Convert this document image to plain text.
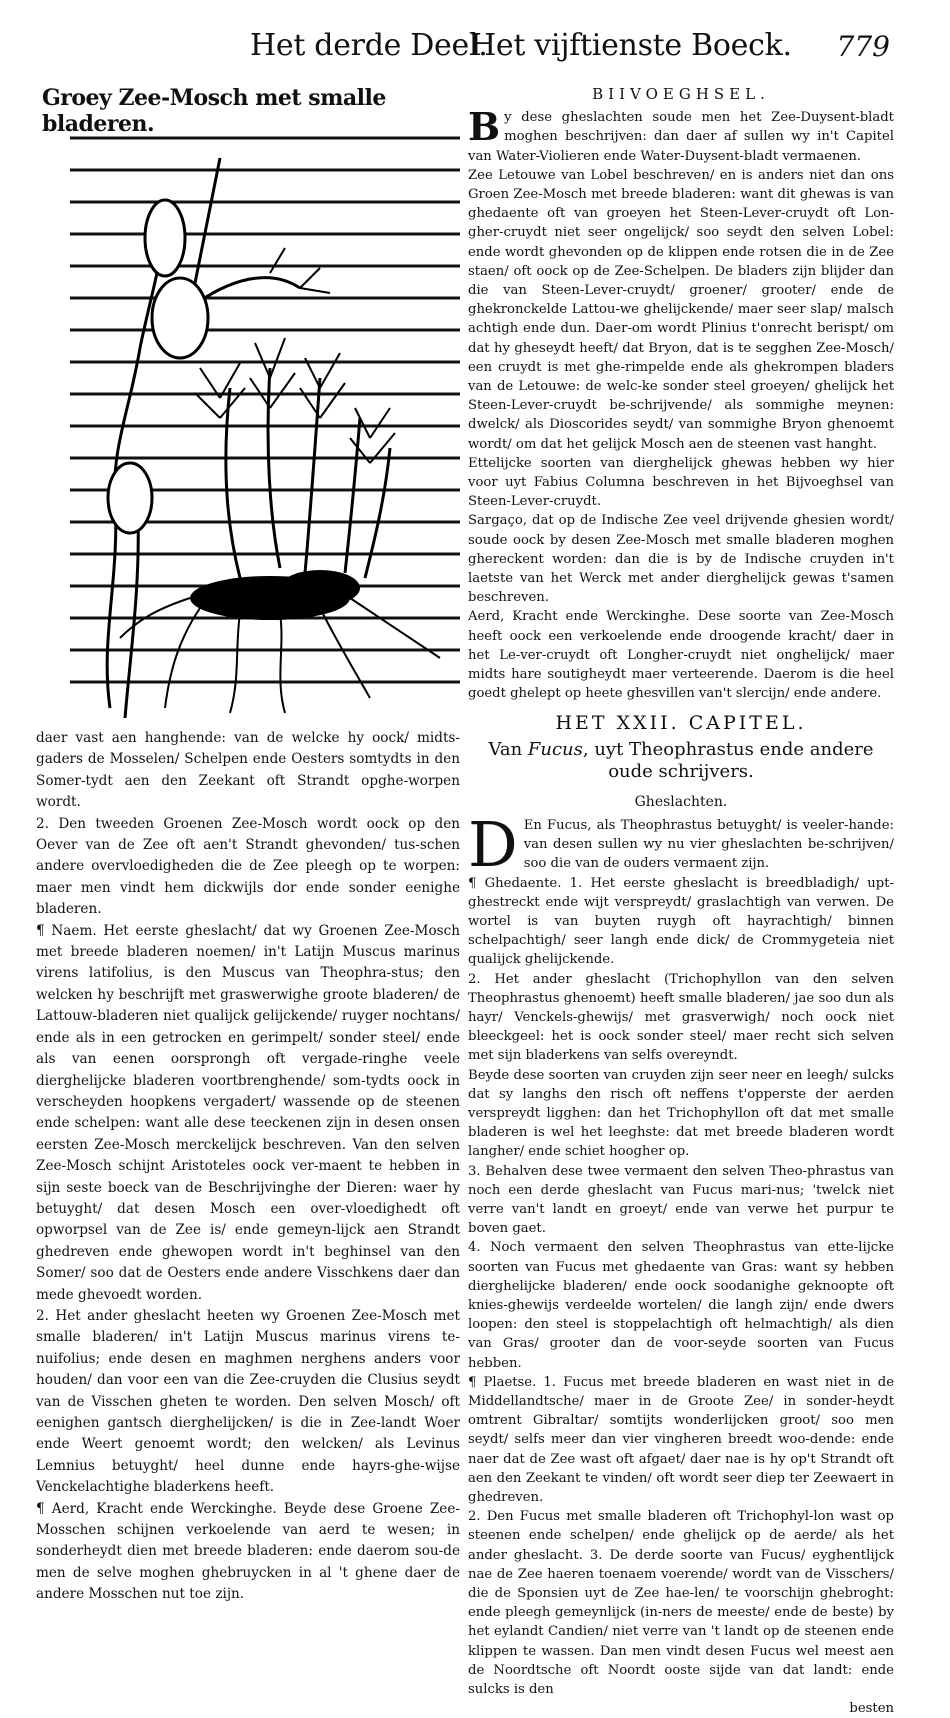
Het derde Deel.
Het vijftienste Boeck. 779
Groey Zee-Mosch met smalle bladeren.

daer vast aen hanghende: van de welcke hy oock/ midts-gaders de Mosselen/ Schelpen ende Oesters somtydts in den Somer-tydt aen den Zeekant oft Strandt opghe-worpen wordt.

2. Den tweeden Groenen Zee-Mosch wordt oock op den Oever van de Zee oft aen't Strandt ghevonden/ tus-schen andere overvloedigheden die de Zee pleegh op te worpen: maer men vindt hem dickwijls dor ende sonder eenighe bladeren.

¶ Naem. Het eerste gheslacht/ dat wy Groenen Zee-Mosch met breede bladeren noemen/ in't Latijn Muscus marinus virens latifolius, is den Muscus van Theophra-stus; den welcken hy beschrijft met graswerwighe groote bladeren/ de Lattouw-bladeren niet qualijck gelijckende/ ruyger nochtans/ ende als in een getrocken en gerimpelt/ sonder steel/ ende als van eenen oorsprongh oft vergade-ringhe veele dierghelijcke bladeren voortbrenghende/ som-tydts oock in verscheyden hoopkens vergadert/ wassende op de steenen ende schelpen: want alle dese teeckenen zijn in desen onsen eersten Zee-Mosch merckelijck beschreven. Van den selven Zee-Mosch schijnt Aristoteles oock ver-maent te hebben in sijn seste boeck van de Beschrijvinghe der Dieren: waer hy betuyght/ dat desen Mosch een over-vloedighedt oft opworpsel van de Zee is/ ende gemeyn-lijck aen Strandt ghedreven ende ghewopen wordt in't beghinsel van den Somer/ soo dat de Oesters ende andere Visschkens daer dan mede ghevoedt worden.

2. Het ander gheslacht heeten wy Groenen Zee-Mosch met smalle bladeren/ in't Latijn Muscus marinus virens te-nuifolius; ende desen en maghmen nerghens anders voor houden/ dan voor een van die Zee-cruyden die Clusius seydt van de Visschen gheten te worden. Den selven Mosch/ oft eenighen gantsch dierghelijcken/ is die in Zee-landt Woer ende Weert genoemt wordt; den welcken/ als Levinus Lemnius betuyght/ heel dunne ende hayrs-ghe-wijse Venckelachtighe bladerkens heeft.

¶ Aerd, Kracht ende Werckinghe. Beyde dese Groene Zee-Mosschen schijnen verkoelende van aerd te wesen; in sonderheydt dien met breede bladeren: ende daerom sou-de men de selve moghen ghebruycken in al 't ghene daer de andere Mosschen nut toe zijn.

BIIVOEGHSEL.

By dese gheslachten soude men het Zee-Duysent-bladt moghen beschrijven: dan daer af sullen wy in't Capitel van Water-Violieren ende Water-Duysent-bladt vermaenen.

Zee Letouwe van Lobel beschreven/ en is anders niet dan ons Groen Zee-Mosch met breede bladeren: want dit ghewas is van ghedaente oft van groeyen het Steen-Lever-cruydt oft Lon-gher-cruydt niet seer ongelijck/ soo seydt den selven Lobel: ende wordt ghevonden op de klippen ende rotsen die in de Zee staen/ oft oock op de Zee-Schelpen. De bladers zijn blijder dan die van Steen-Lever-cruydt/ groener/ grooter/ ende de ghekronckelde Lattou-we ghelijckende/ maer seer slap/ malsch achtigh ende dun. Daer-om wordt Plinius t'onrecht berispt/ om dat hy gheseydt heeft/ dat Bryon, dat is te segghen Zee-Mosch/ een cruydt is met ghe-rimpelde ende als ghekrompen bladers van de Letouwe: de welc-ke sonder steel groeyen/ ghelijck het Steen-Lever-cruydt be-schrijvende/ als sommighe meynen: dwelck/ als Dioscorides seydt/ van sommighe Bryon ghenoemt wordt/ om dat het gelijck Mosch aen de steenen vast hanght.

Ettelijcke soorten van dierghelijck ghewas hebben wy hier voor uyt Fabius Columna beschreven in het Bijvoeghsel van Steen-Lever-cruydt.

Sargaço, dat op de Indische Zee veel drijvende ghesien wordt/ soude oock by desen Zee-Mosch met smalle bladeren moghen ghereckent worden: dan die is by de Indische cruyden in't laetste van het Werck met ander dierghelijck gewas t'samen beschreven.

Aerd, Kracht ende Werckinghe. Dese soorte van Zee-Mosch heeft oock een verkoelende ende droogende kracht/ daer in het Le-ver-cruydt oft Longher-cruydt niet onghelijck/ maer midts hare soutigheydt maer verteerende. Daerom is die heel goedt ghelept op heete ghesvillen van't slercijn/ ende andere.

HET XXII. CAPITEL.
Van Fucus, uyt Theophrastus ende andere oude schrijvers.
Gheslachten.

D En Fucus, als Theophrastus betuyght/ is veeler-hande: van desen sullen wy nu vier gheslachten be-schrijven/ soo die van de ouders vermaent zijn.

¶ Ghedaente. 1. Het eerste gheslacht is breedbladigh/ upt-ghestreckt ende wijt verspreydt/ graslachtigh van verwen. De wortel is van buyten ruygh oft hayrachtigh/ binnen schelpachtigh/ seer langh ende dick/ de Crommygeteia niet qualijck ghelijckende.

2. Het ander gheslacht (Trichophyllon van den selven Theophrastus ghenoemt) heeft smalle bladeren/ jae soo dun als hayr/ Venckels-ghewijs/ met grasverwigh/ noch oock niet bleeckgeel: het is oock sonder steel/ maer recht sich selven met sijn bladerkens van selfs overeyndt.

Beyde dese soorten van cruyden zijn seer neer en leegh/ sulcks dat sy langhs den risch oft neffens t'opperste der aerden verspreydt ligghen: dan het Trichophyllon oft dat met smalle bladeren is wel het leeghste: dat met breede bladeren wordt langher/ ende schiet hoogher op.

3. Behalven dese twee vermaent den selven Theo-phrastus van noch een derde gheslacht van Fucus mari-nus; 'twelck niet verre van't landt en groeyt/ ende van verwe het purpur te boven gaet.

4. Noch vermaent den selven Theophrastus van ette-lijcke soorten van Fucus met ghedaente van Gras: want sy hebben dierghelijcke bladeren/ ende oock soodanighe geknoopte oft knies-ghewijs verdeelde wortelen/ die langh zijn/ ende dwers loopen: den steel is stoppelachtigh oft helmachtigh/ als dien van Gras/ grooter dan de voor-seyde soorten van Fucus hebben.

¶ Plaetse. 1. Fucus met breede bladeren en wast niet in de Middellandtsche/ maer in de Groote Zee/ in sonder-heydt omtrent Gibraltar/ somtijts wonderlijcken groot/ soo men seydt/ selfs meer dan vier vingheren breedt woo-dende: ende naer dat de Zee wast oft afgaet/ daer nae is hy op't Strandt oft aen den Zeekant te vinden/ oft wordt seer diep ter Zeewaert in ghedreven.

2. Den Fucus met smalle bladeren oft Trichophyl-lon wast op steenen ende schelpen/ ende ghelijck op de aerde/ als het ander gheslacht. 3. De derde soorte van Fucus/ eyghentlijck nae de Zee haeren toenaem voerende/ wordt van de Visschers/ die de Sponsien uyt de Zee hae-len/ te voorschijn ghebroght: ende pleegh gemeynlijck (in-ners de meeste/ ende de beste) by het eylandt Candien/ niet verre van 't landt op de steenen ende klippen te wassen. Dan men vindt desen Fucus wel meest aen de Noordtsche oft Noordt ooste sijde van dat landt: ende sulcks is den

besten
